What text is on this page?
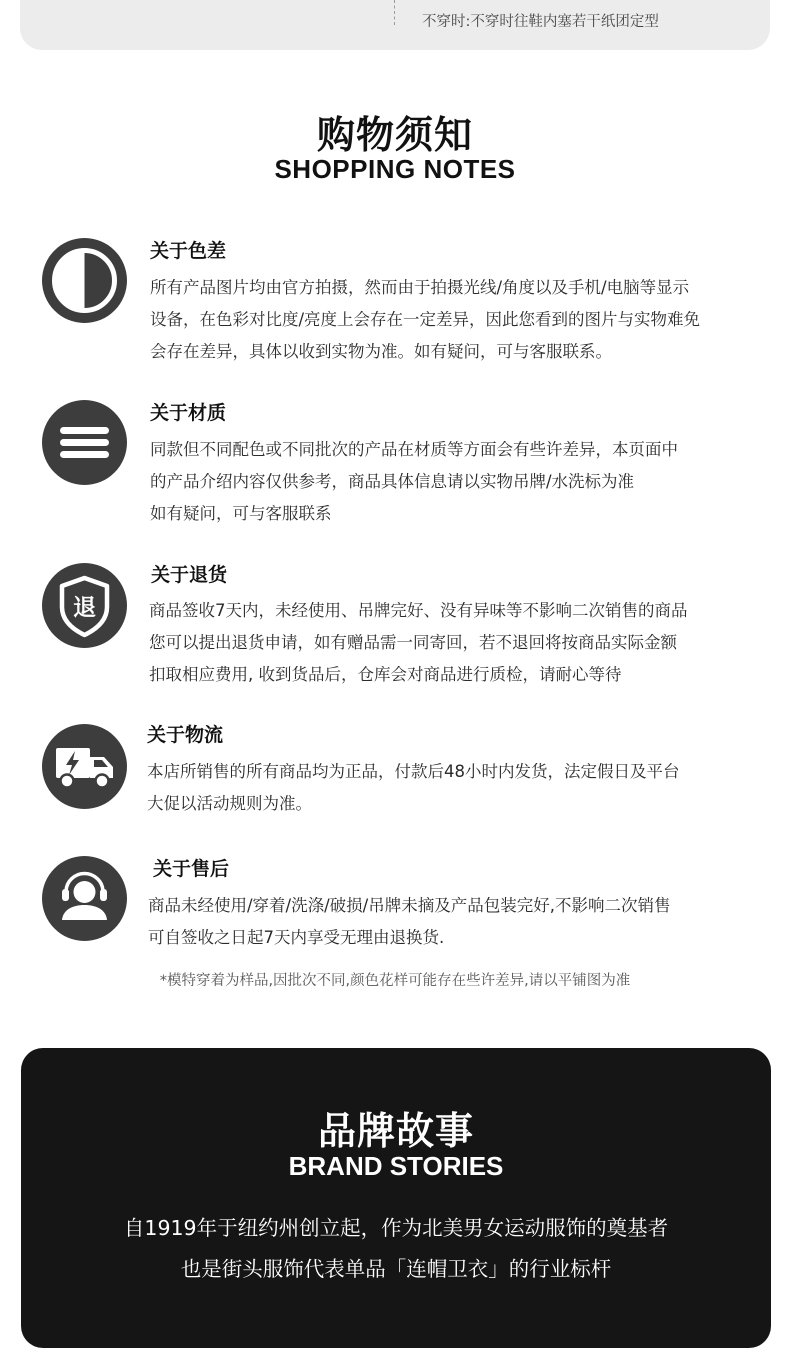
不穿时:不穿时往鞋内塞若干纸团定型
购物须知
SHOPPING NOTES
关于色差
所有产品图片均由官方拍摄，然而由于拍摄光线/角度以及手机/电脑等显示
设备，在色彩对比度/亮度上会存在一定差异，因此您看到的图片与实物难免
会存在差异，具体以收到实物为准。如有疑问，可与客服联系。
关于材质
同款但不同配色或不同批次的产品在材质等方面会有些许差异，本页面中
的产品介绍内容仅供参考，商品具体信息请以实物吊牌/水洗标为准
如有疑问，可与客服联系
退
关于退货
商品签收7天内，未经使用、吊牌完好、没有异味等不影响二次销售的商品
您可以提出退货申请，如有赠品需一同寄回，若不退回将按商品实际金额
扣取相应费用, 收到货品后，仓库会对商品进行质检，请耐心等待
关于物流
本店所销售的所有商品均为正品，付款后48小时内发货，法定假日及平台
大促以活动规则为准。
关于售后
商品未经使用/穿着/洗涤/破损/吊牌未摘及产品包装完好,不影响二次销售
可自签收之日起7天内享受无理由退换货.
*模特穿着为样品,因批次不同,颜色花样可能存在些许差异,请以平铺图为准
品牌故事
BRAND STORIES
自1919年于纽约州创立起，作为北美男女运动服饰的奠基者
也是街头服饰代表单品「连帽卫衣」的行业标杆
